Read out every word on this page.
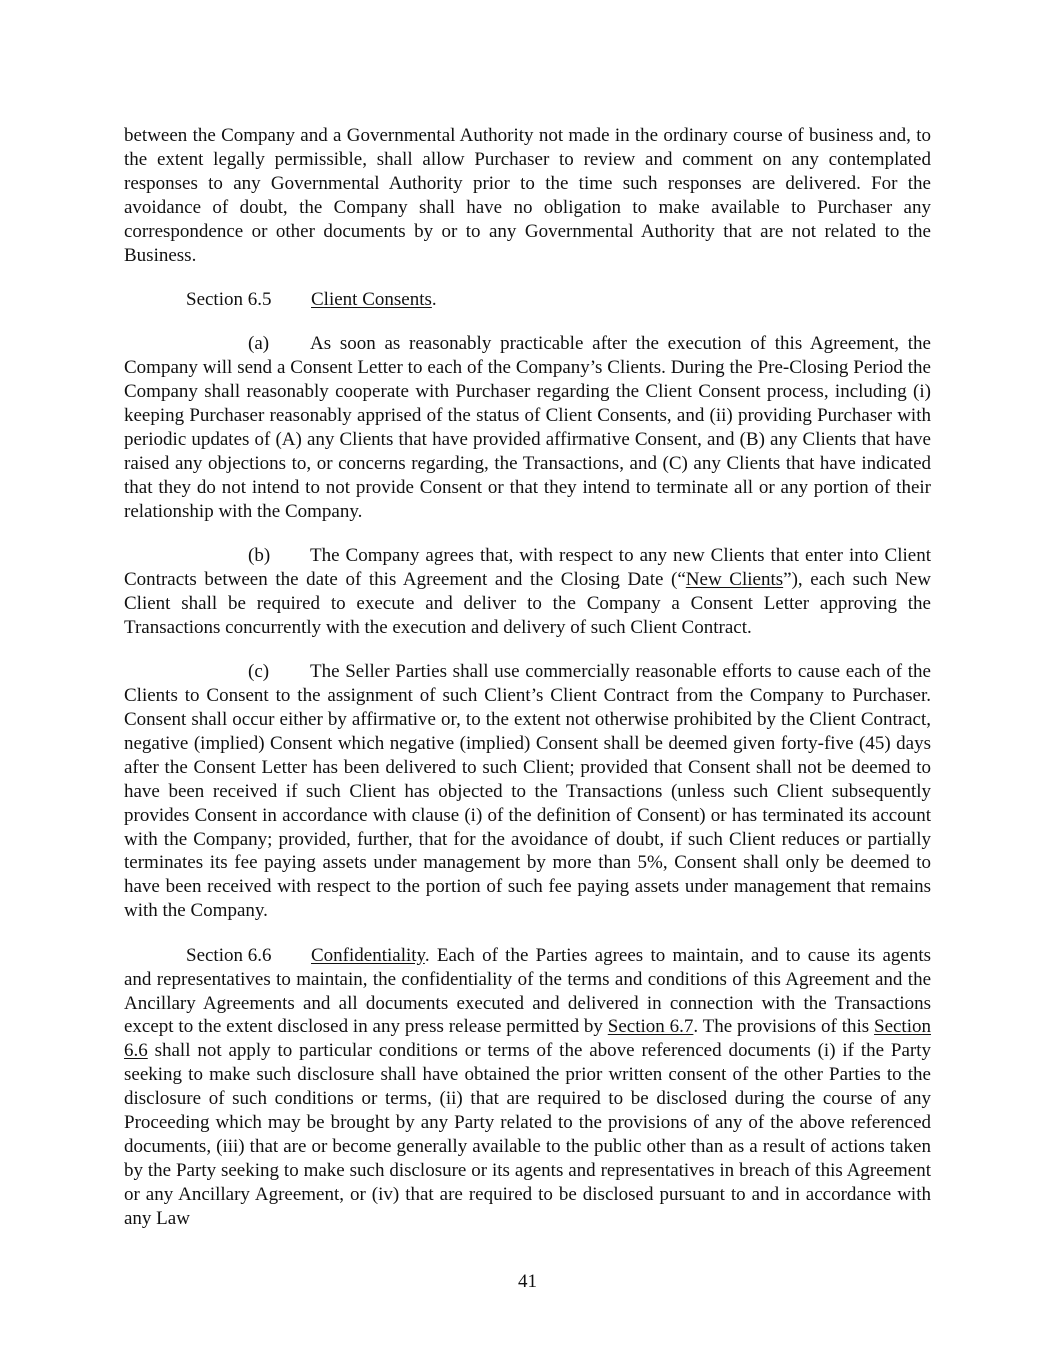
between the Company and a Governmental Authority not made in the ordinary course of business and, to the extent legally permissible, shall allow Purchaser to review and comment on any contemplated responses to any Governmental Authority prior to the time such responses are delivered. For the avoidance of doubt, the Company shall have no obligation to make available to Purchaser any correspondence or other documents by or to any Governmental Authority that are not related to the Business.

Section 6.5 Client Consents.

(a) As soon as reasonably practicable after the execution of this Agreement, the Company will send a Consent Letter to each of the Company’s Clients. During the Pre-Closing Period the Company shall reasonably cooperate with Purchaser regarding the Client Consent process, including (i) keeping Purchaser reasonably apprised of the status of Client Consents, and (ii) providing Purchaser with periodic updates of (A) any Clients that have provided affirmative Consent, and (B) any Clients that have raised any objections to, or concerns regarding, the Transactions, and (C) any Clients that have indicated that they do not intend to not provide Consent or that they intend to terminate all or any portion of their relationship with the Company.

(b) The Company agrees that, with respect to any new Clients that enter into Client Contracts between the date of this Agreement and the Closing Date (“New Clients”), each such New Client shall be required to execute and deliver to the Company a Consent Letter approving the Transactions concurrently with the execution and delivery of such Client Contract.

(c) The Seller Parties shall use commercially reasonable efforts to cause each of the Clients to Consent to the assignment of such Client’s Client Contract from the Company to Purchaser. Consent shall occur either by affirmative or, to the extent not otherwise prohibited by the Client Contract, negative (implied) Consent which negative (implied) Consent shall be deemed given forty-five (45) days after the Consent Letter has been delivered to such Client; provided that Consent shall not be deemed to have been received if such Client has objected to the Transactions (unless such Client subsequently provides Consent in accordance with clause (i) of the definition of Consent) or has terminated its account with the Company; provided, further, that for the avoidance of doubt, if such Client reduces or partially terminates its fee paying assets under management by more than 5%, Consent shall only be deemed to have been received with respect to the portion of such fee paying assets under management that remains with the Company.

Section 6.6 Confidentiality. Each of the Parties agrees to maintain, and to cause its agents and representatives to maintain, the confidentiality of the terms and conditions of this Agreement and the Ancillary Agreements and all documents executed and delivered in connection with the Transactions except to the extent disclosed in any press release permitted by Section 6.7. The provisions of this Section 6.6 shall not apply to particular conditions or terms of the above referenced documents (i) if the Party seeking to make such disclosure shall have obtained the prior written consent of the other Parties to the disclosure of such conditions or terms, (ii) that are required to be disclosed during the course of any Proceeding which may be brought by any Party related to the provisions of any of the above referenced documents, (iii) that are or become generally available to the public other than as a result of actions taken by the Party seeking to make such disclosure or its agents and representatives in breach of this Agreement or any Ancillary Agreement, or (iv) that are required to be disclosed pursuant to and in accordance with any Law

41
